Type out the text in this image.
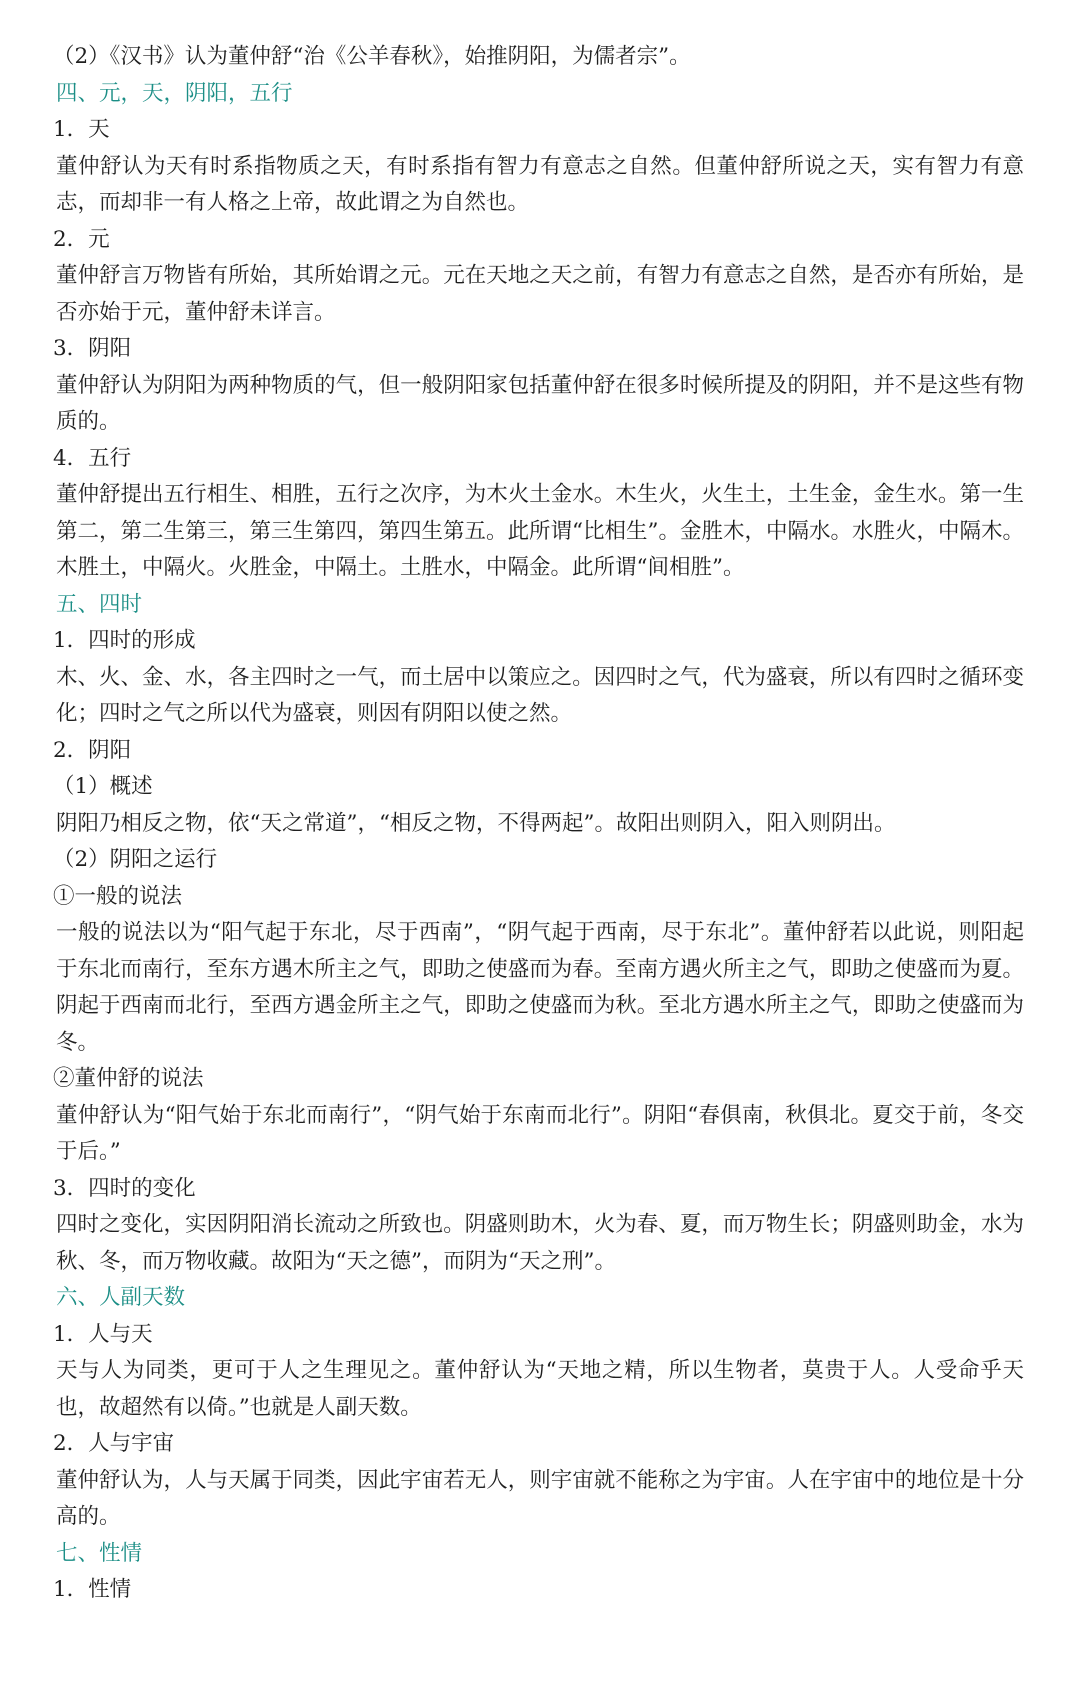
（2）《汉书》认为董仲舒“治《公羊春秋》，始推阴阳，为儒者宗”。

四、元，天，阴阳，五行

1．天

董仲舒认为天有时系指物质之天，有时系指有智力有意志之自然。但董仲舒所说之天，实有智力有意志，而却非一有人格之上帝，故此谓之为自然也。

2．元

董仲舒言万物皆有所始，其所始谓之元。元在天地之天之前，有智力有意志之自然，是否亦有所始，是否亦始于元，董仲舒未详言。

3．阴阳

董仲舒认为阴阳为两种物质的气，但一般阴阳家包括董仲舒在很多时候所提及的阴阳，并不是这些有物质的。

4．五行

董仲舒提出五行相生、相胜，五行之次序，为木火土金水。木生火，火生土，土生金，金生水。第一生第二，第二生第三，第三生第四，第四生第五。此所谓“比相生”。金胜木，中隔水。水胜火，中隔木。木胜土，中隔火。火胜金，中隔土。土胜水，中隔金。此所谓“间相胜”。

五、四时

1．四时的形成

木、火、金、水，各主四时之一气，而土居中以策应之。因四时之气，代为盛衰，所以有四时之循环变化；四时之气之所以代为盛衰，则因有阴阳以使之然。

2．阴阳

（1）概述

阴阳乃相反之物，依“天之常道”，“相反之物，不得两起”。故阳出则阴入，阳入则阴出。

（2）阴阳之运行

①一般的说法

一般的说法以为“阳气起于东北，尽于西南”，“阴气起于西南，尽于东北”。董仲舒若以此说，则阳起于东北而南行，至东方遇木所主之气，即助之使盛而为春。至南方遇火所主之气，即助之使盛而为夏。阴起于西南而北行，至西方遇金所主之气，即助之使盛而为秋。至北方遇水所主之气，即助之使盛而为冬。

②董仲舒的说法

董仲舒认为“阳气始于东北而南行”，“阴气始于东南而北行”。阴阳“春俱南，秋俱北。夏交于前，冬交于后。”

3．四时的变化

四时之变化，实因阴阳消长流动之所致也。阴盛则助木，火为春、夏，而万物生长；阴盛则助金，水为秋、冬，而万物收藏。故阳为“天之德”，而阴为“天之刑”。

六、人副天数

1．人与天

天与人为同类，更可于人之生理见之。董仲舒认为“天地之精，所以生物者，莫贵于人。人受命乎天也，故超然有以倚。”也就是人副天数。

2．人与宇宙

董仲舒认为，人与天属于同类，因此宇宙若无人，则宇宙就不能称之为宇宙。人在宇宙中的地位是十分高的。

七、性情

1．性情
